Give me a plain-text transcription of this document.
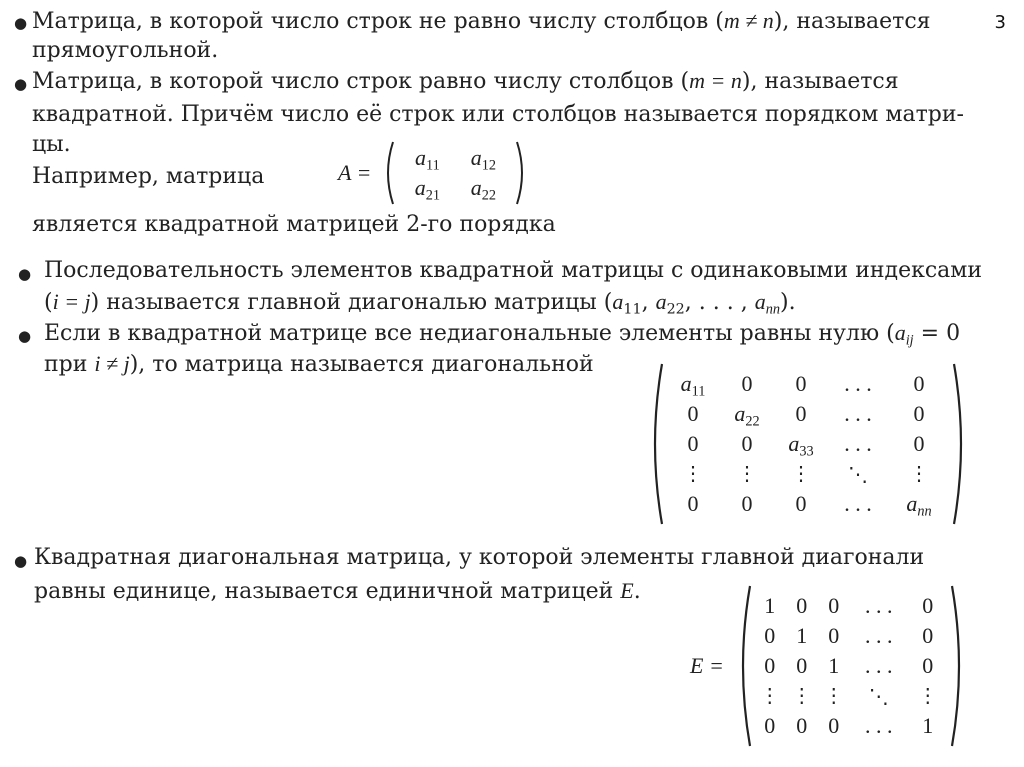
3
● Матрица, в которой число строк не равно числу столбцов (m ≠ n), называется
прямоугольной.
● Матрица, в которой число строк равно числу столбцов (m = n), называется
квадратной. Причём число её строк или столбцов называется порядком матри-
цы.
Например, матрица	A =
$a_{11}$	$a_{12}$
$a_{21}$	$a_{22}$
является квадратной матрицей 2-го порядка
● Последовательность элементов квадратной матрицы с одинаковыми индексами
(i = j) называется главной диагональю матрицы ($a_{11}$, $a_{22}$, . . . , $a_{nn}$).
● Если в квадратной матрице все недиагональные элементы равны нулю ($a_{ij} = 0$
при i ≠ j), то матрица называется диагональной
$a_{11}$	0	0	. . .	0
0	$a_{22}$	0	. . .	0
0	0	$a_{33}$	. . .	0
⋮	⋮	⋮	⋱	⋮
0	0	0	. . .	$a_{nn}$
● Квадратная диагональная матрица, у которой элементы главной диагонали
равны единице, называется единичной матрицей E.
E =
1 0 0	. . .	0
0 1 0	. . .	0
0 0 1	. . .	0
⋮ ⋮ ⋮	⋱	⋮
0 0 0	. . .	1
